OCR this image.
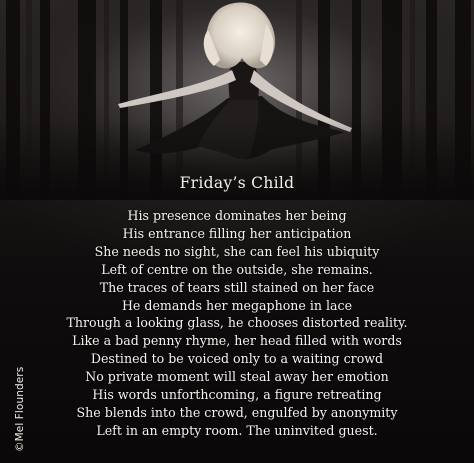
Friday’s Child
His presence dominates her being
His entrance filling her anticipation
She needs no sight, she can feel his ubiquity
Left of centre on the outside, she remains.
The traces of tears still stained on her face
He demands her megaphone in lace
Through a looking glass, he chooses distorted reality.
Like a bad penny rhyme, her head filled with words
Destined to be voiced only to a waiting crowd
No private moment will steal away her emotion
His words unforthcoming, a figure retreating
She blends into the crowd, engulfed by anonymity
Left in an empty room. The uninvited guest.
©Mel Flounders
